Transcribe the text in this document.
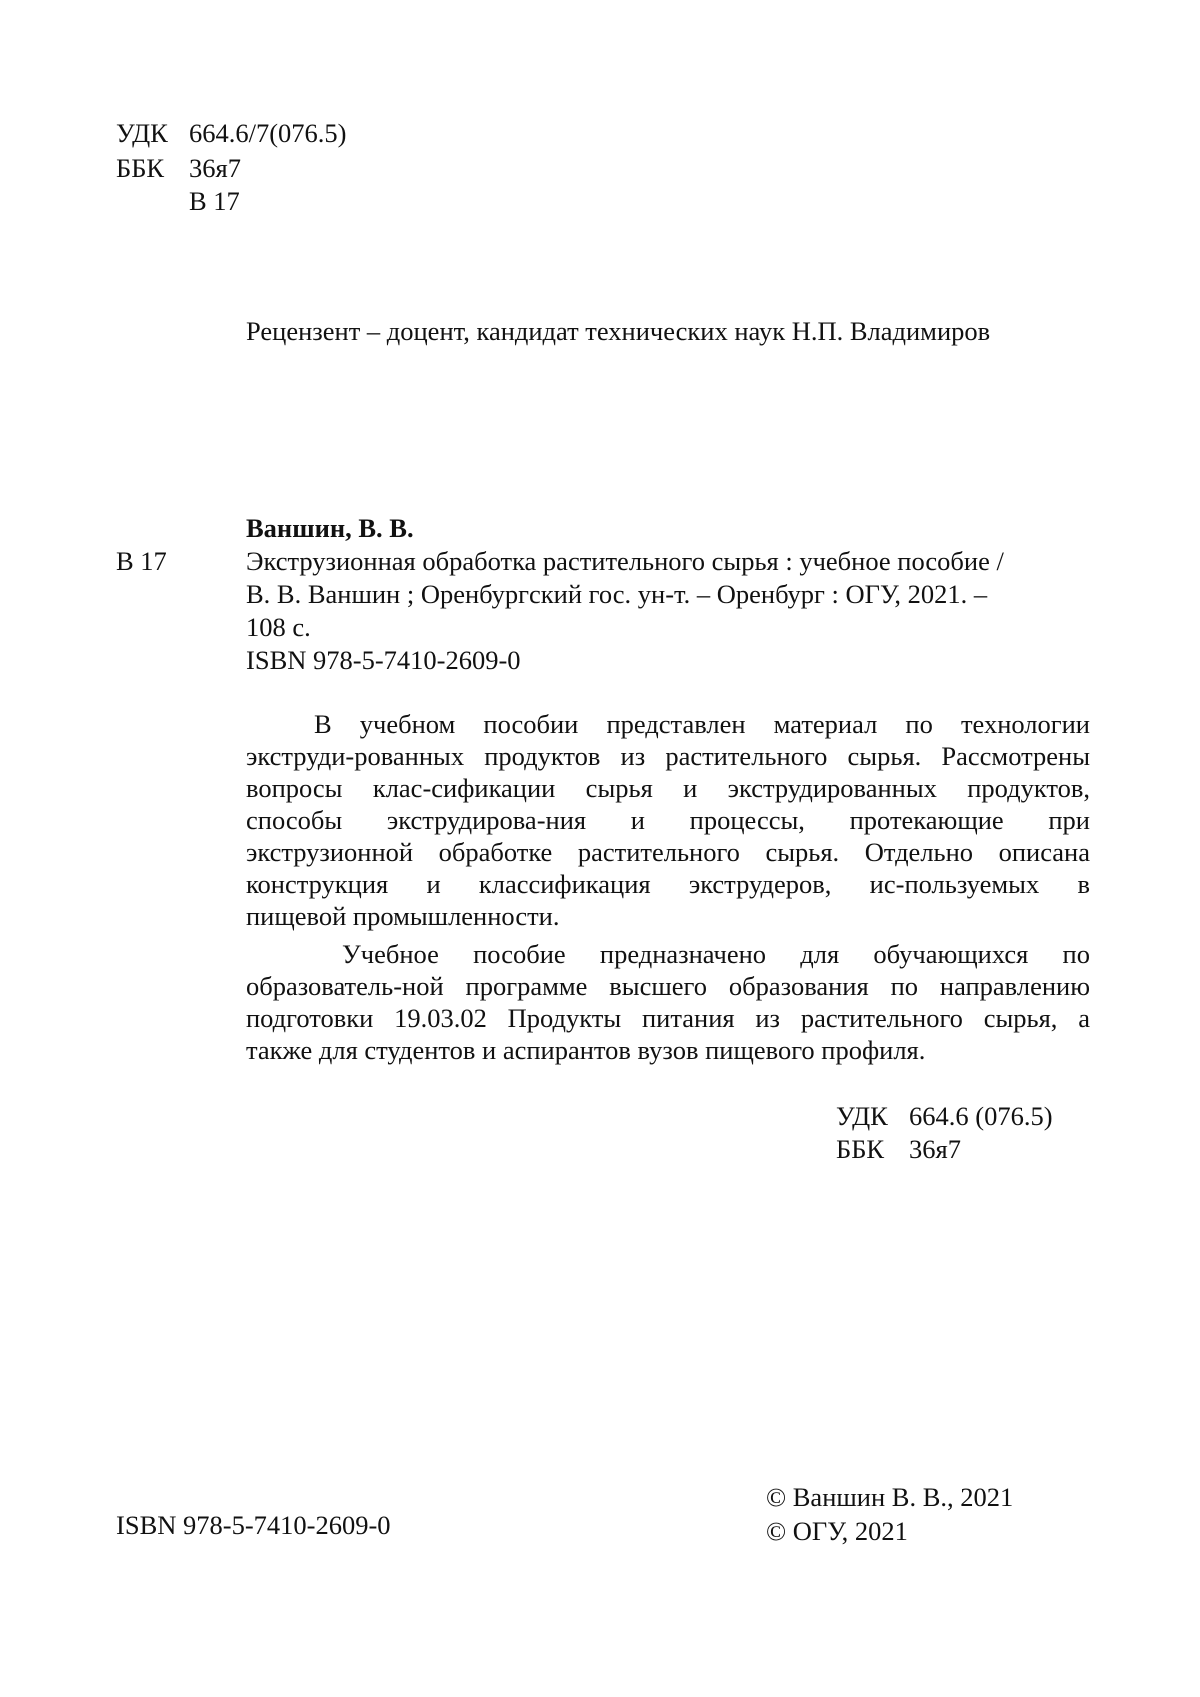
УДК 664.6/7(076.5)
ББК 36я7
В 17
Рецензент – доцент, кандидат технических наук Н.П. Владимиров
Ваншин, В. В.
В 17	Экструзионная обработка растительного сырья : учебное пособие /
В. В. Ваншин ; Оренбургский гос. ун-т. – Оренбург : ОГУ, 2021. –
108 с.
ISBN 978-5-7410-2609-0
В учебном пособии представлен материал по технологии
экструди-рованных продуктов из растительного сырья. Рассмотрены
вопросы клас-сификации сырья и экструдированных продуктов,
способы экструдирова-ния и процессы, протекающие при
экструзионной обработке растительного сырья. Отдельно описана
конструкция и классификация экструдеров, ис-пользуемых в
пищевой промышленности.
Учебное пособие предназначено для обучающихся по
образователь-ной программе высшего образования по направлению
подготовки 19.03.02 Продукты питания из растительного сырья, а
также для студентов и аспирантов вузов пищевого профиля.
УДК 664.6 (076.5)
ББК 36я7
ISBN 978-5-7410-2609-0
© Ваншин В. В., 2021
© ОГУ, 2021
